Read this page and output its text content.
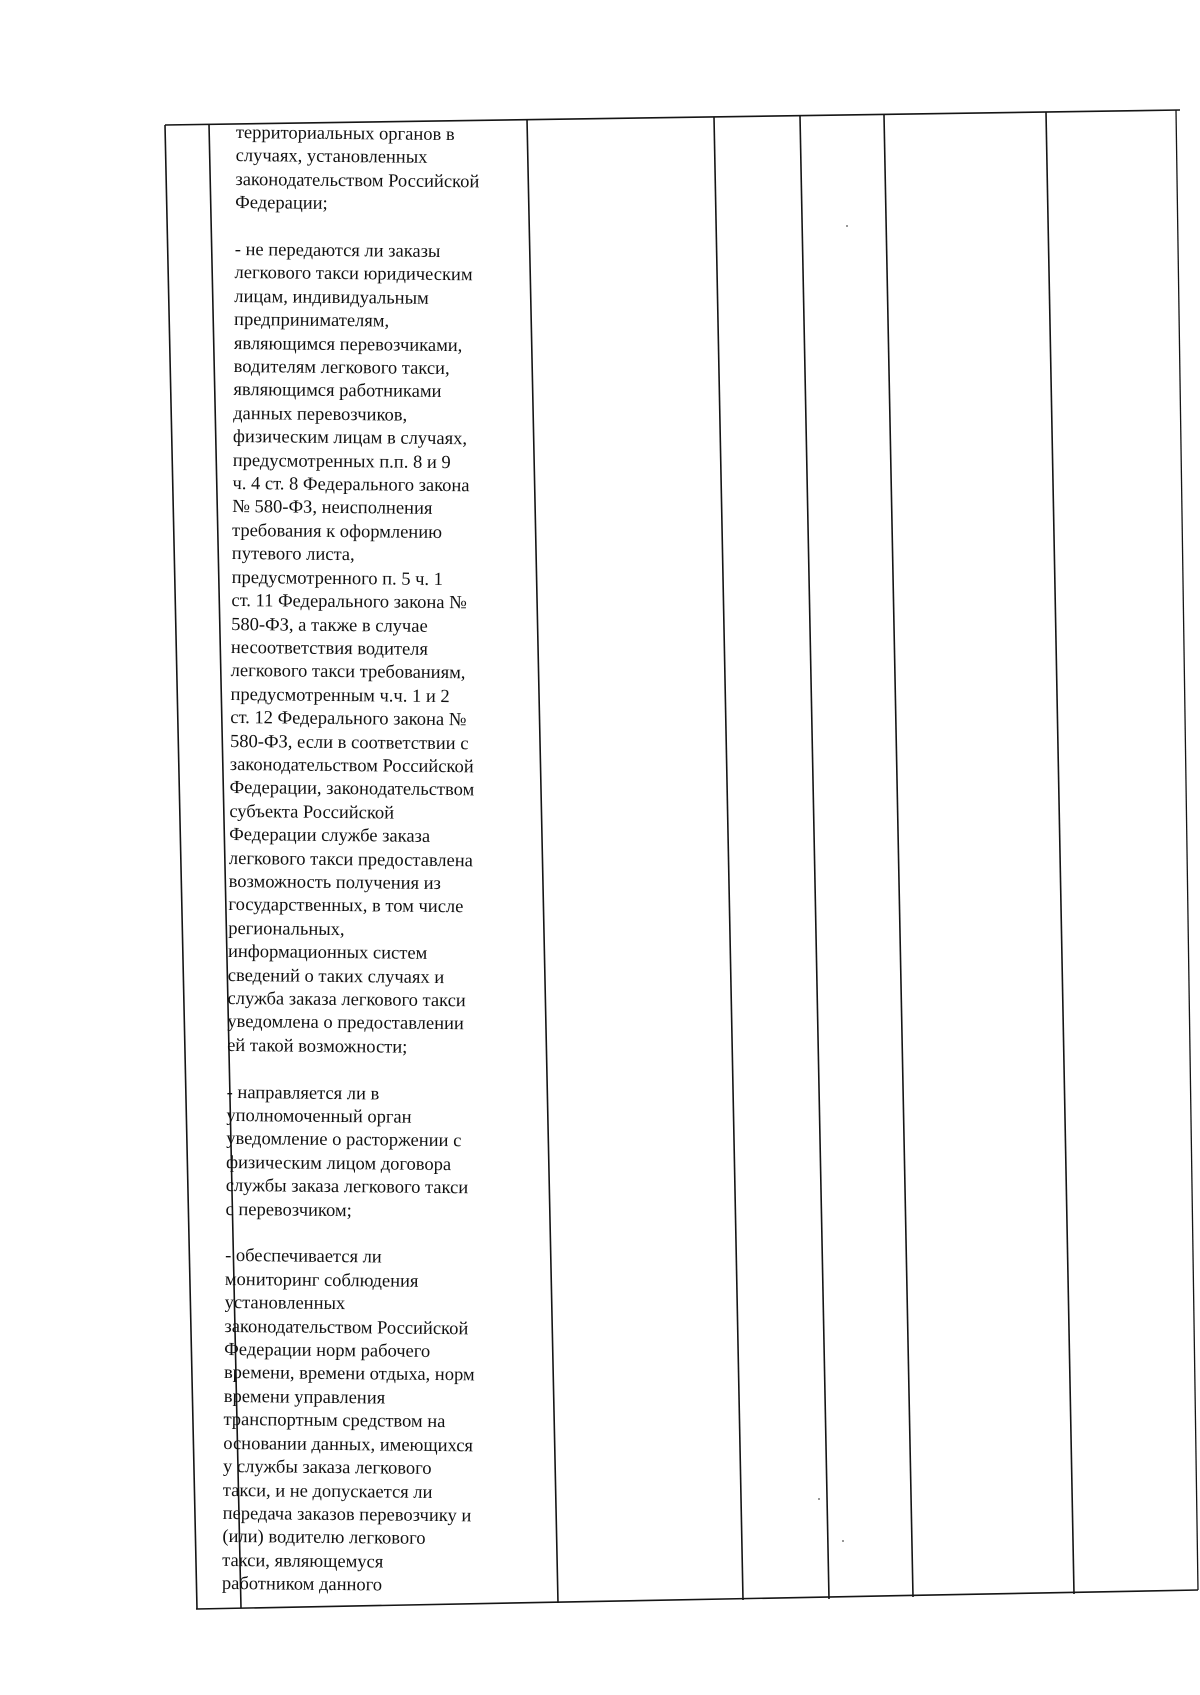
территориальных органов в
случаях, установленных
законодательством Российской
Федерации;

- не передаются ли заказы
легкового такси юридическим
лицам, индивидуальным
предпринимателям,
являющимся перевозчиками,
водителям легкового такси,
являющимся работниками
данных перевозчиков,
физическим лицам в случаях,
предусмотренных п.п. 8 и 9
ч. 4 ст. 8 Федерального закона
№ 580-ФЗ, неисполнения
требования к оформлению
путевого листа,
предусмотренного п. 5 ч. 1
ст. 11 Федерального закона №
580-ФЗ, а также в случае
несоответствия водителя
легкового такси требованиям,
предусмотренным ч.ч. 1 и 2
ст. 12 Федерального закона №
580-ФЗ, если в соответствии с
законодательством Российской
Федерации, законодательством
субъекта Российской
Федерации службе заказа
легкового такси предоставлена
возможность получения из
государственных, в том числе
региональных,
информационных систем
сведений о таких случаях и
служба заказа легкового такси
уведомлена о предоставлении
ей такой возможности;

- направляется ли в
уполномоченный орган
уведомление о расторжении с
физическим лицом договора
службы заказа легкового такси
с перевозчиком;

- обеспечивается ли
мониторинг соблюдения
установленных
законодательством Российской
Федерации норм рабочего
времени, времени отдыха, норм
времени управления
транспортным средством на
основании данных, имеющихся
у службы заказа легкового
такси, и не допускается ли
передача заказов перевозчику и
(или) водителю легкового
такси, являющемуся
работником данного
